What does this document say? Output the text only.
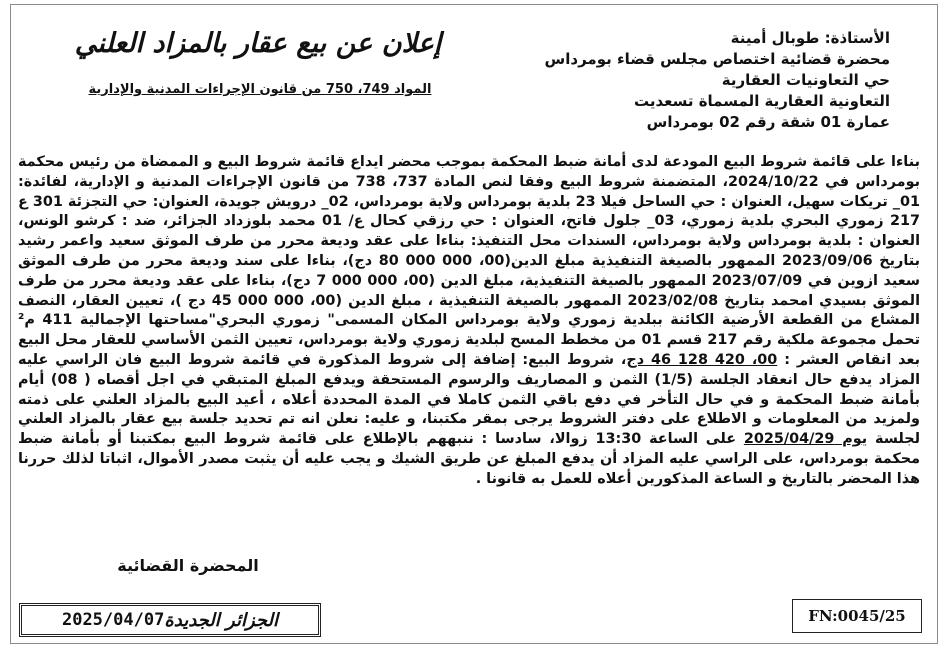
الأستاذة: طوبال أمينة
محضرة قضائية اختصاص مجلس قضاء بومرداس
حي التعاونيات العقارية
التعاونية العقارية المسماة تسعديت
عمارة 01 شقة رقم 02 بومرداس
إعلان عن بيع عقار بالمزاد العلني
المواد 749، 750 من قانون الإجراءات المدنية والإدارية

بناءا على قائمة شروط البيع المودعة لدى أمانة ضبط المحكمة بموجب محضر ايداع قائمة شروط البيع و الممضاة من رئيس محكمة بومرداس في 2024/10/22، المتضمنة شروط البيع وفقا لنص المادة 737، 738 من قانون الإجراءات المدنية و الإدارية، لفائدة: 01_ تريكات سهيل، العنوان : حي الساحل فيلا 23 بلدية بومرداس ولاية بومرداس، 02_ درويش جويدة، العنوان: حي التجزئة 301 ع 217 زموري البحري بلدية زموري، 03_ جلول فاتح، العنوان : حي رزقي كحال ع/ 01 محمد بلوزداد الجزائر، ضد : كرشو الونس، العنوان : بلدية بومرداس ولاية بومرداس، السندات محل التنفيذ: بناءا على عقد وديعة محرر من طرف الموثق سعيد واعمر رشيد بتاريخ 2023/09/06 الممهور بالصيغة التنفيذية مبلغ الدين(00، 000 000 80 دج)، بناءا على سند وديعة محرر من طرف الموثق سعيد ازوين في 2023/07/09 الممهور بالصيغة التنفيذية، مبلغ الدين (00، 000 000 7 دج)، بناءا على عقد وديعة محرر من طرف الموثق بسيدي امحمد بتاريخ 2023/02/08 الممهور بالصيغة التنفيذية ، مبلغ الدين (00، 000 000 45 دج )، تعيين العقار، النصف المشاع من القطعة الأرضية الكائنة ببلدية زموري ولاية بومرداس المكان المسمى" زموري البحري"مساحتها الإجمالية 411 م² تحمل مجموعة ملكية رقم 217 قسم 01 من مخطط المسح لبلدية زموري ولاية بومرداس، تعيين الثمن الأساسي للعقار محل البيع بعد انقاص العشر : 00، 420 128 46 دج، شروط البيع: إضافة إلى شروط المذكورة في قائمة شروط البيع فان الراسي عليه المزاد يدفع حال انعقاد الجلسة (1/5) الثمن و المصاريف والرسوم المستحقة ويدفع المبلغ المتبقي في اجل أقصاه ( 08) أيام بأمانة ضبط المحكمة و في حال التأخر في دفع باقي الثمن كاملا في المدة المحددة أعلاه ، أعيد البيع بالمزاد العلني على ذمته ولمزيد من المعلومات و الاطلاع على دفتر الشروط يرجى بمقر مكتبنا، و عليه: نعلن انه تم تحديد جلسة بيع عقار بالمزاد العلني لجلسة يوم 2025/04/29 على الساعة 13:30 زوالا، سادسا : ننبههم بالإطلاع على قائمة شروط البيع بمكتبنا أو بأمانة ضبط محكمة بومرداس، على الراسي عليه المزاد أن يدفع المبلغ عن طريق الشيك و يجب عليه أن يثبت مصدر الأموال، اثباتا لذلك حررنا هذا المحضر بالتاريخ و الساعة المذكورين أعلاه للعمل به قانونا .

المحضرة القضائية
2025/04/07 الجزائر الجديدة	FN:0045/25
